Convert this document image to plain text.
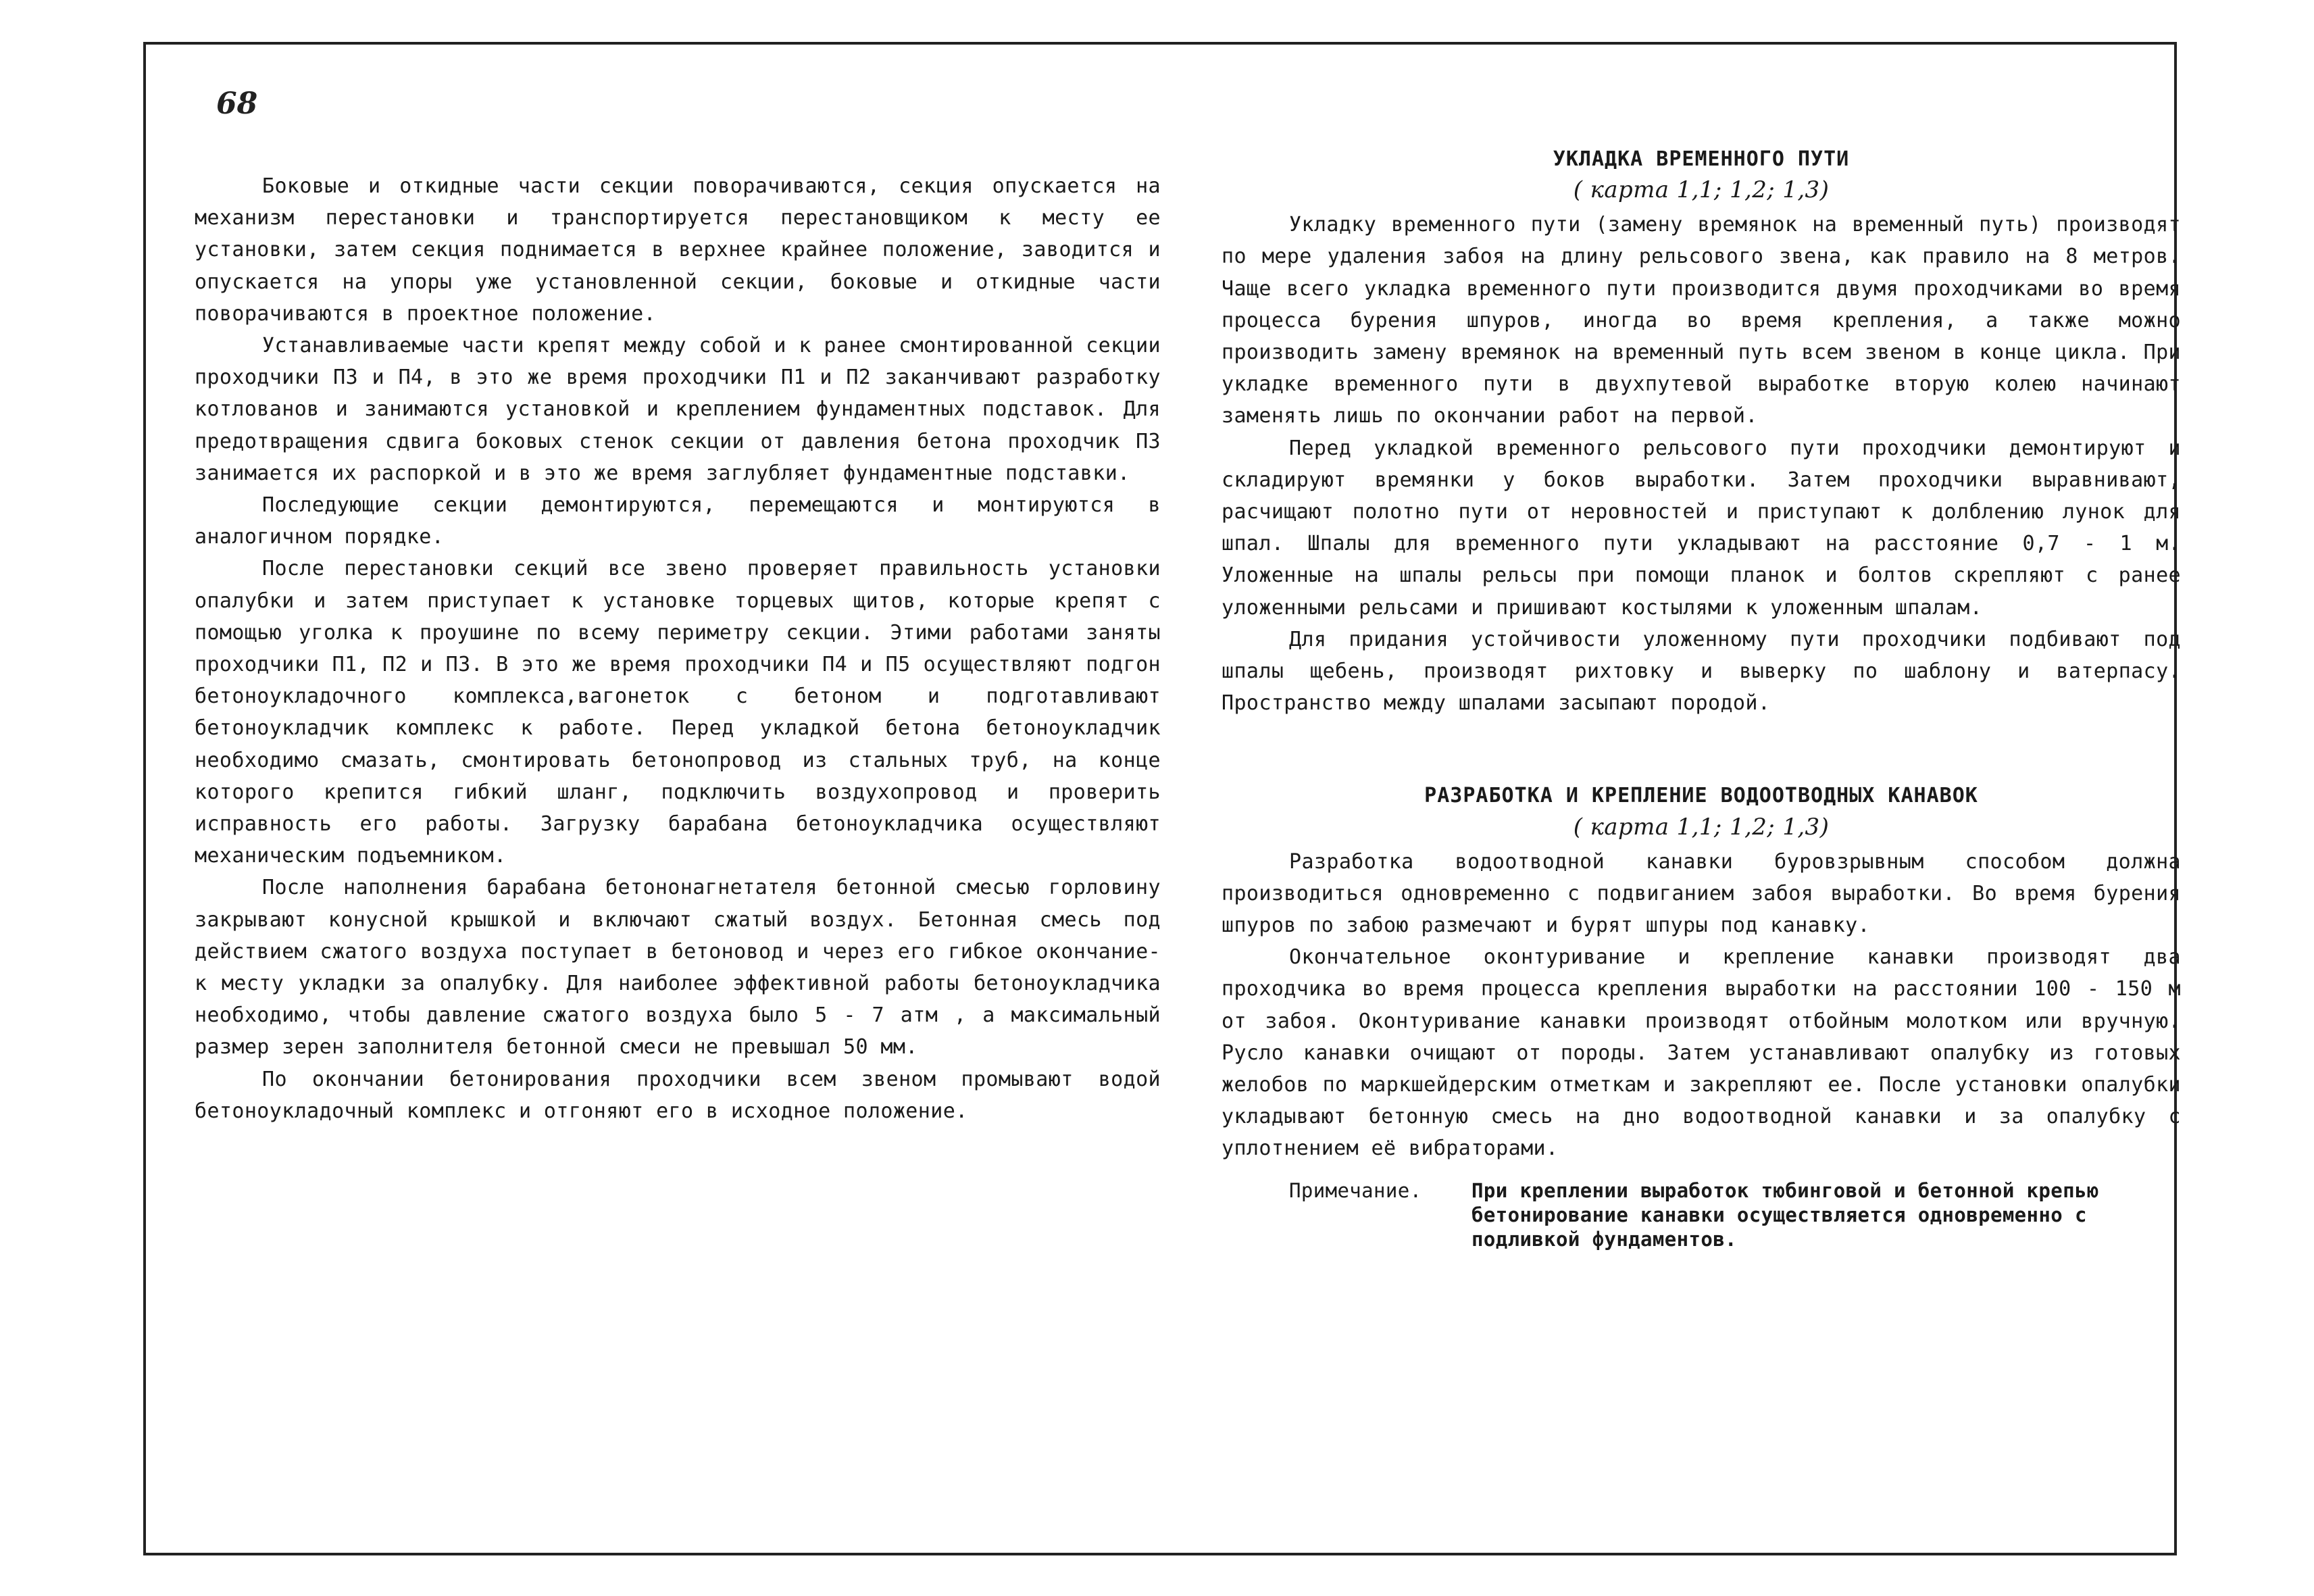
68

Боковые и откидные части секции поворачиваются, секция опускается на механизм перестановки и транспортируется перестановщиком к месту ее установки, затем секция поднимается в верхнее крайнее положение, заводится и опускается на упоры уже установленной секции, боковые и откидные части поворачиваются в проектное положение.

Устанавливаемые части крепят между собой и к ранее смонтированной секции проходчики П3 и П4, в это же время проходчики П1 и П2 заканчивают разработку котлованов и занимаются установкой и креплением фундаментных подставок. Для предотвращения сдвига боковых стенок секции от давления бетона проходчик П3 занимается их распоркой и в это же время заглубляет фундаментные подставки.

Последующие секции демонтируются, перемещаются и монтируются в аналогичном порядке.

После перестановки секций все звено проверяет правильность установки опалубки и затем приступает к установке торцевых щитов, которые крепят с помощью уголка к проушине по всему периметру секции. Этими работами заняты проходчики П1, П2 и П3. В это же время проходчики П4 и П5 осуществляют подгон бетоноукладочного комплекса,вагонеток с бетоном и подготавливают бетоноукладчик комплекс к работе. Перед укладкой бетона бетоноукладчик необходимо смазать, смонтировать бетонопровод из стальных труб, на конце которого крепится гибкий шланг, подключить воздухопровод и проверить исправность его работы. Загрузку барабана бетоноукладчика осуществляют механическим подъемником.

После наполнения барабана бетононагнетателя бетонной смесью горловину закрывают конусной крышкой и включают сжатый воздух. Бетонная смесь под действием сжатого воздуха поступает в бетоновод и через его гибкое окончание-к месту укладки за опалубку. Для наиболее эффективной работы бетоноукладчика необходимо, чтобы давление сжатого воздуха было 5 - 7 атм , а максимальный размер зерен заполнителя бетонной смеси не превышал 50 мм.

По окончании бетонирования проходчики всем звеном промывают водой бетоноукладочный комплекс и отгоняют его в исходное положение.

УКЛАДКА ВРЕМЕННОГО ПУТИ

( карта 1,1; 1,2; 1,3)

Укладку временного пути (замену времянок на временный путь) производят по мере удаления забоя на длину рельсового звена, как правило на 8 метров. Чаще всего укладка временного пути производится двумя проходчиками во время процесса бурения шпуров, иногда во время крепления, а также можно производить замену времянок на временный путь всем звеном в конце цикла. При укладке временного пути в двухпутевой выработке вторую колею начинают заменять лишь по окончании работ на первой.

Перед укладкой временного рельсового пути проходчики демонтируют и складируют времянки у боков выработки. Затем проходчики выравнивают, расчищают полотно пути от неровностей и приступают к долблению лунок для шпал. Шпалы для временного пути укладывают на расстояние 0,7 - 1 м. Уложенные на шпалы рельсы при помощи планок и болтов скрепляют с ранее уложенными рельсами и пришивают костылями к уложенным шпалам.

Для придания устойчивости уложенному пути проходчики подбивают под шпалы щебень, производят рихтовку и выверку по шаблону и ватерпасу. Пространство между шпалами засыпают породой.

РАЗРАБОТКА И КРЕПЛЕНИЕ ВОДООТВОДНЫХ КАНАВОК

( карта 1,1; 1,2; 1,3)

Разработка водоотводной канавки буровзрывным способом должна производиться одновременно с подвиганием забоя выработки. Во время бурения шпуров по забою размечают и бурят шпуры под канавку.

Окончательное оконтуривание и крепление канавки производят два проходчика во время процесса крепления выработки на расстоянии 100 - 150 м от забоя. Оконтуривание канавки производят отбойным молотком или вручную. Русло канавки очищают от породы. Затем устанавливают опалубку из готовых желобов по маркшейдерским отметкам и закрепляют ее. После установки опалубки укладывают бетонную смесь на дно водоотводной канавки и за опалубку с уплотнением её вибраторами.

Примечание.	При креплении выработок тюбинговой и бетонной крепью бетонирование канавки осуществляется одновременно с подливкой фундаментов.
